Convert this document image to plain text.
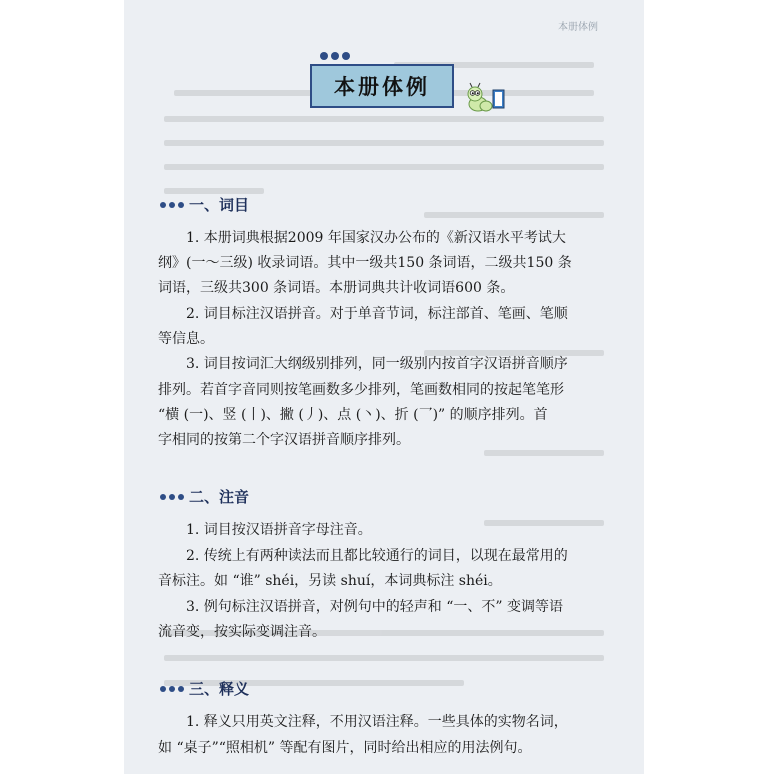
本册体例
本册体例
一、词目
1. 本册词典根据2009 年国家汉办公布的《新汉语水平考试大
纲》(一～三级) 收录词语。其中一级共150 条词语，二级共150 条
词语，三级共300 条词语。本册词典共计收词语600 条。
2. 词目标注汉语拼音。对于单音节词，标注部首、笔画、笔顺
等信息。
3. 词目按词汇大纲级别排列，同一级别内按首字汉语拼音顺序
排列。若首字音同则按笔画数多少排列，笔画数相同的按起笔笔形
“横 (一)、竖 (丨)、撇 (丿)、点 (丶)、折 (乛)” 的顺序排列。首
字相同的按第二个字汉语拼音顺序排列。
二、注音
1. 词目按汉语拼音字母注音。
2. 传统上有两种读法而且都比较通行的词目，以现在最常用的
音标注。如 “谁” shéi，另读 shuí，本词典标注 shéi。
3. 例句标注汉语拼音，对例句中的轻声和 “一、不” 变调等语
流音变，按实际变调注音。
三、释义
1. 释义只用英文注释，不用汉语注释。一些具体的实物名词，
如 “桌子”“照相机” 等配有图片，同时给出相应的用法例句。
